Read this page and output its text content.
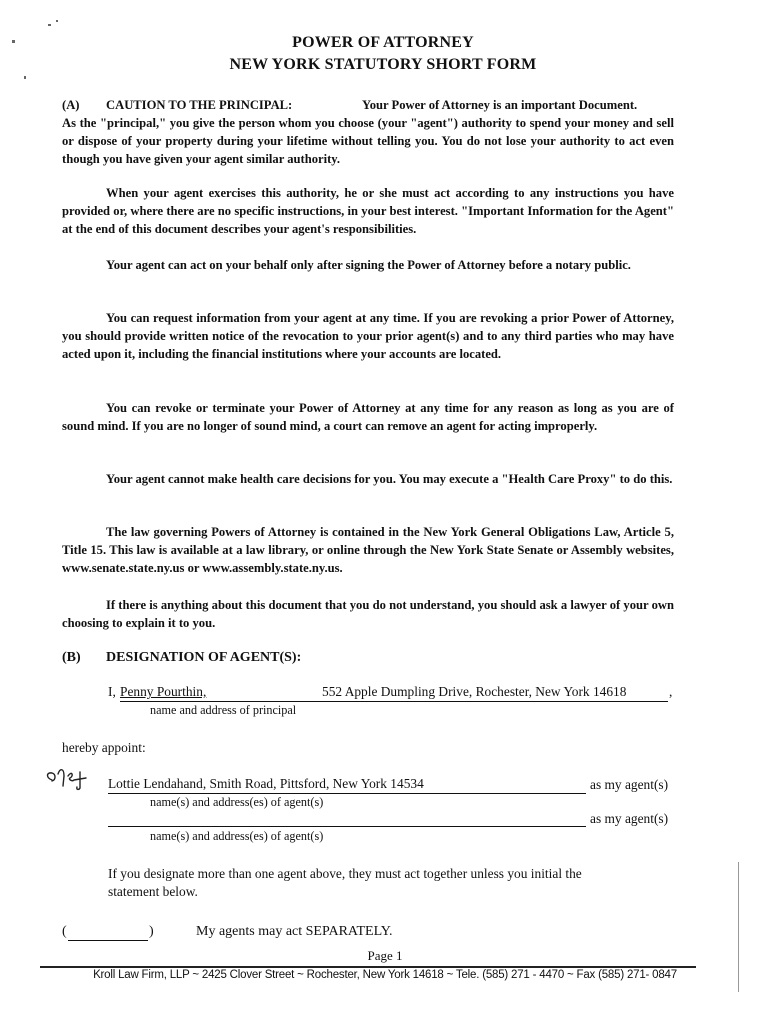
POWER OF ATTORNEY
NEW YORK STATUTORY SHORT FORM
(A) CAUTION TO THE PRINCIPAL:	Your Power of Attorney is an important Document.

As the "principal," you give the person whom you choose (your "agent") authority to spend your money and sell or dispose of your property during your lifetime without telling you. You do not lose your authority to act even though you have given your agent similar authority.

When your agent exercises this authority, he or she must act according to any instructions you have provided or, where there are no specific instructions, in your best interest. "Important Information for the Agent" at the end of this document describes your agent's responsibilities.

Your agent can act on your behalf only after signing the Power of Attorney before a notary public.

You can request information from your agent at any time. If you are revoking a prior Power of Attorney, you should provide written notice of the revocation to your prior agent(s) and to any third parties who may have acted upon it, including the financial institutions where your accounts are located.

You can revoke or terminate your Power of Attorney at any time for any reason as long as you are of sound mind. If you are no longer of sound mind, a court can remove an agent for acting improperly.

Your agent cannot make health care decisions for you. You may execute a "Health Care Proxy" to do this.

The law governing Powers of Attorney is contained in the New York General Obligations Law, Article 5, Title 15. This law is available at a law library, or online through the New York State Senate or Assembly websites, www.senate.state.ny.us or www.assembly.state.ny.us.

If there is anything about this document that you do not understand, you should ask a lawyer of your own choosing to explain it to you.

(B) DESIGNATION OF AGENT(S):
I, Penny Pourthin,	552 Apple Dumpling Drive, Rochester, New York 14618	,
name and address of principal
hereby appoint:
Lottie Lendahand, Smith Road, Pittsford, New York 14534	as my agent(s)
name(s) and address(es) of agent(s)
as my agent(s)
name(s) and address(es) of agent(s)
If you designate more than one agent above, they must act together unless you initial the
statement below.
(	)	My agents may act SEPARATELY.
Page 1
Kroll Law Firm, LLP ~ 2425 Clover Street ~ Rochester, New York 14618 ~ Tele. (585) 271 - 4470 ~ Fax (585) 271- 0847
